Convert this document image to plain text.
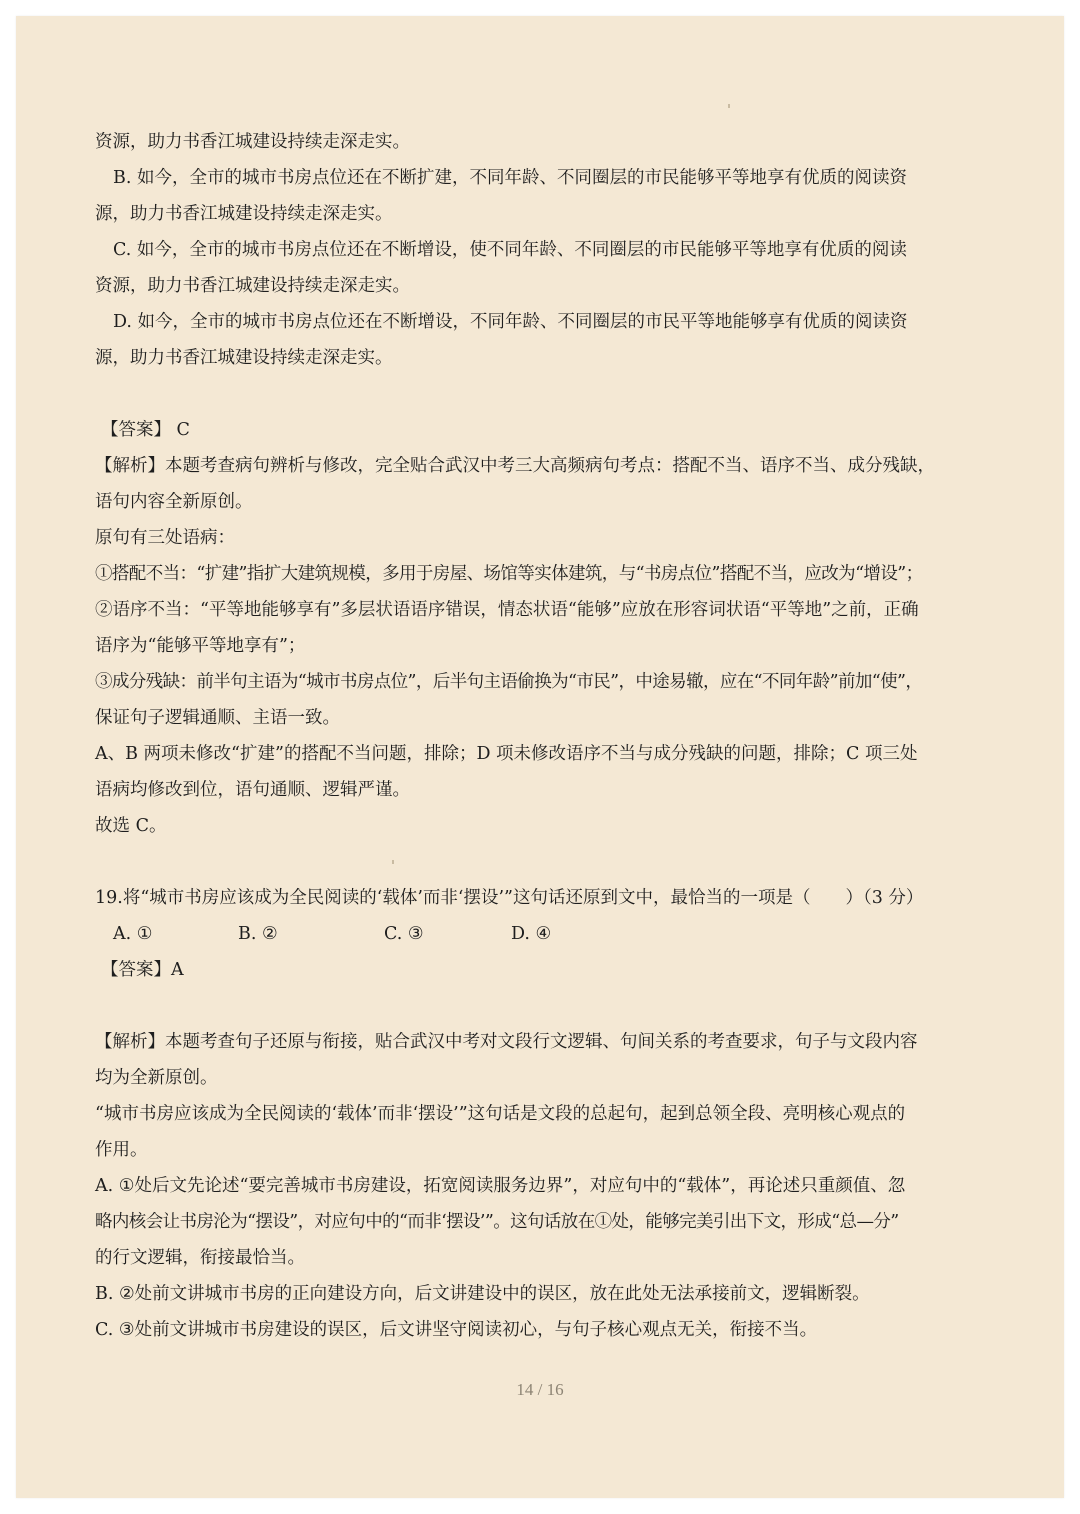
资源，助力书香江城建设持续走深走实。

B. 如今，全市的城市书房点位还在不断扩建，不同年龄、不同圈层的市民能够平等地享有优质的阅读资

源，助力书香江城建设持续走深走实。

C. 如今，全市的城市书房点位还在不断增设，使不同年龄、不同圈层的市民能够平等地享有优质的阅读

资源，助力书香江城建设持续走深走实。

D. 如今，全市的城市书房点位还在不断增设，不同年龄、不同圈层的市民平等地能够享有优质的阅读资

源，助力书香江城建设持续走深走实。

【答案】 C

【解析】本题考查病句辨析与修改，完全贴合武汉中考三大高频病句考点：搭配不当、语序不当、成分残缺，

语句内容全新原创。

原句有三处语病：

①搭配不当：“扩建”指扩大建筑规模，多用于房屋、场馆等实体建筑，与“书房点位”搭配不当，应改为“增设”；

②语序不当：“平等地能够享有”多层状语语序错误，情态状语“能够”应放在形容词状语“平等地”之前，正确

语序为“能够平等地享有”；

③成分残缺：前半句主语为“城市书房点位”，后半句主语偷换为“市民”，中途易辙，应在“不同年龄”前加“使”，

保证句子逻辑通顺、主语一致。

A、B 两项未修改“扩建”的搭配不当问题，排除；D 项未修改语序不当与成分残缺的问题，排除；C 项三处

语病均修改到位，语句通顺、逻辑严谨。

故选 C。

19.将“城市书房应该成为全民阅读的‘载体’而非‘摆设’”这句话还原到文中，最恰当的一项是（　　）（3 分）

A. ①	B. ②	C. ③	D. ④

【答案】A

【解析】本题考查句子还原与衔接，贴合武汉中考对文段行文逻辑、句间关系的考查要求，句子与文段内容

均为全新原创。

“城市书房应该成为全民阅读的‘载体’而非‘摆设’”这句话是文段的总起句，起到总领全段、亮明核心观点的

作用。

A. ①处后文先论述“要完善城市书房建设，拓宽阅读服务边界”，对应句中的“载体”，再论述只重颜值、忽

略内核会让书房沦为“摆设”，对应句中的“而非‘摆设’”。这句话放在①处，能够完美引出下文，形成“总—分”

的行文逻辑，衔接最恰当。

B. ②处前文讲城市书房的正向建设方向，后文讲建设中的误区，放在此处无法承接前文，逻辑断裂。

C. ③处前文讲城市书房建设的误区，后文讲坚守阅读初心，与句子核心观点无关，衔接不当。

14 / 16
